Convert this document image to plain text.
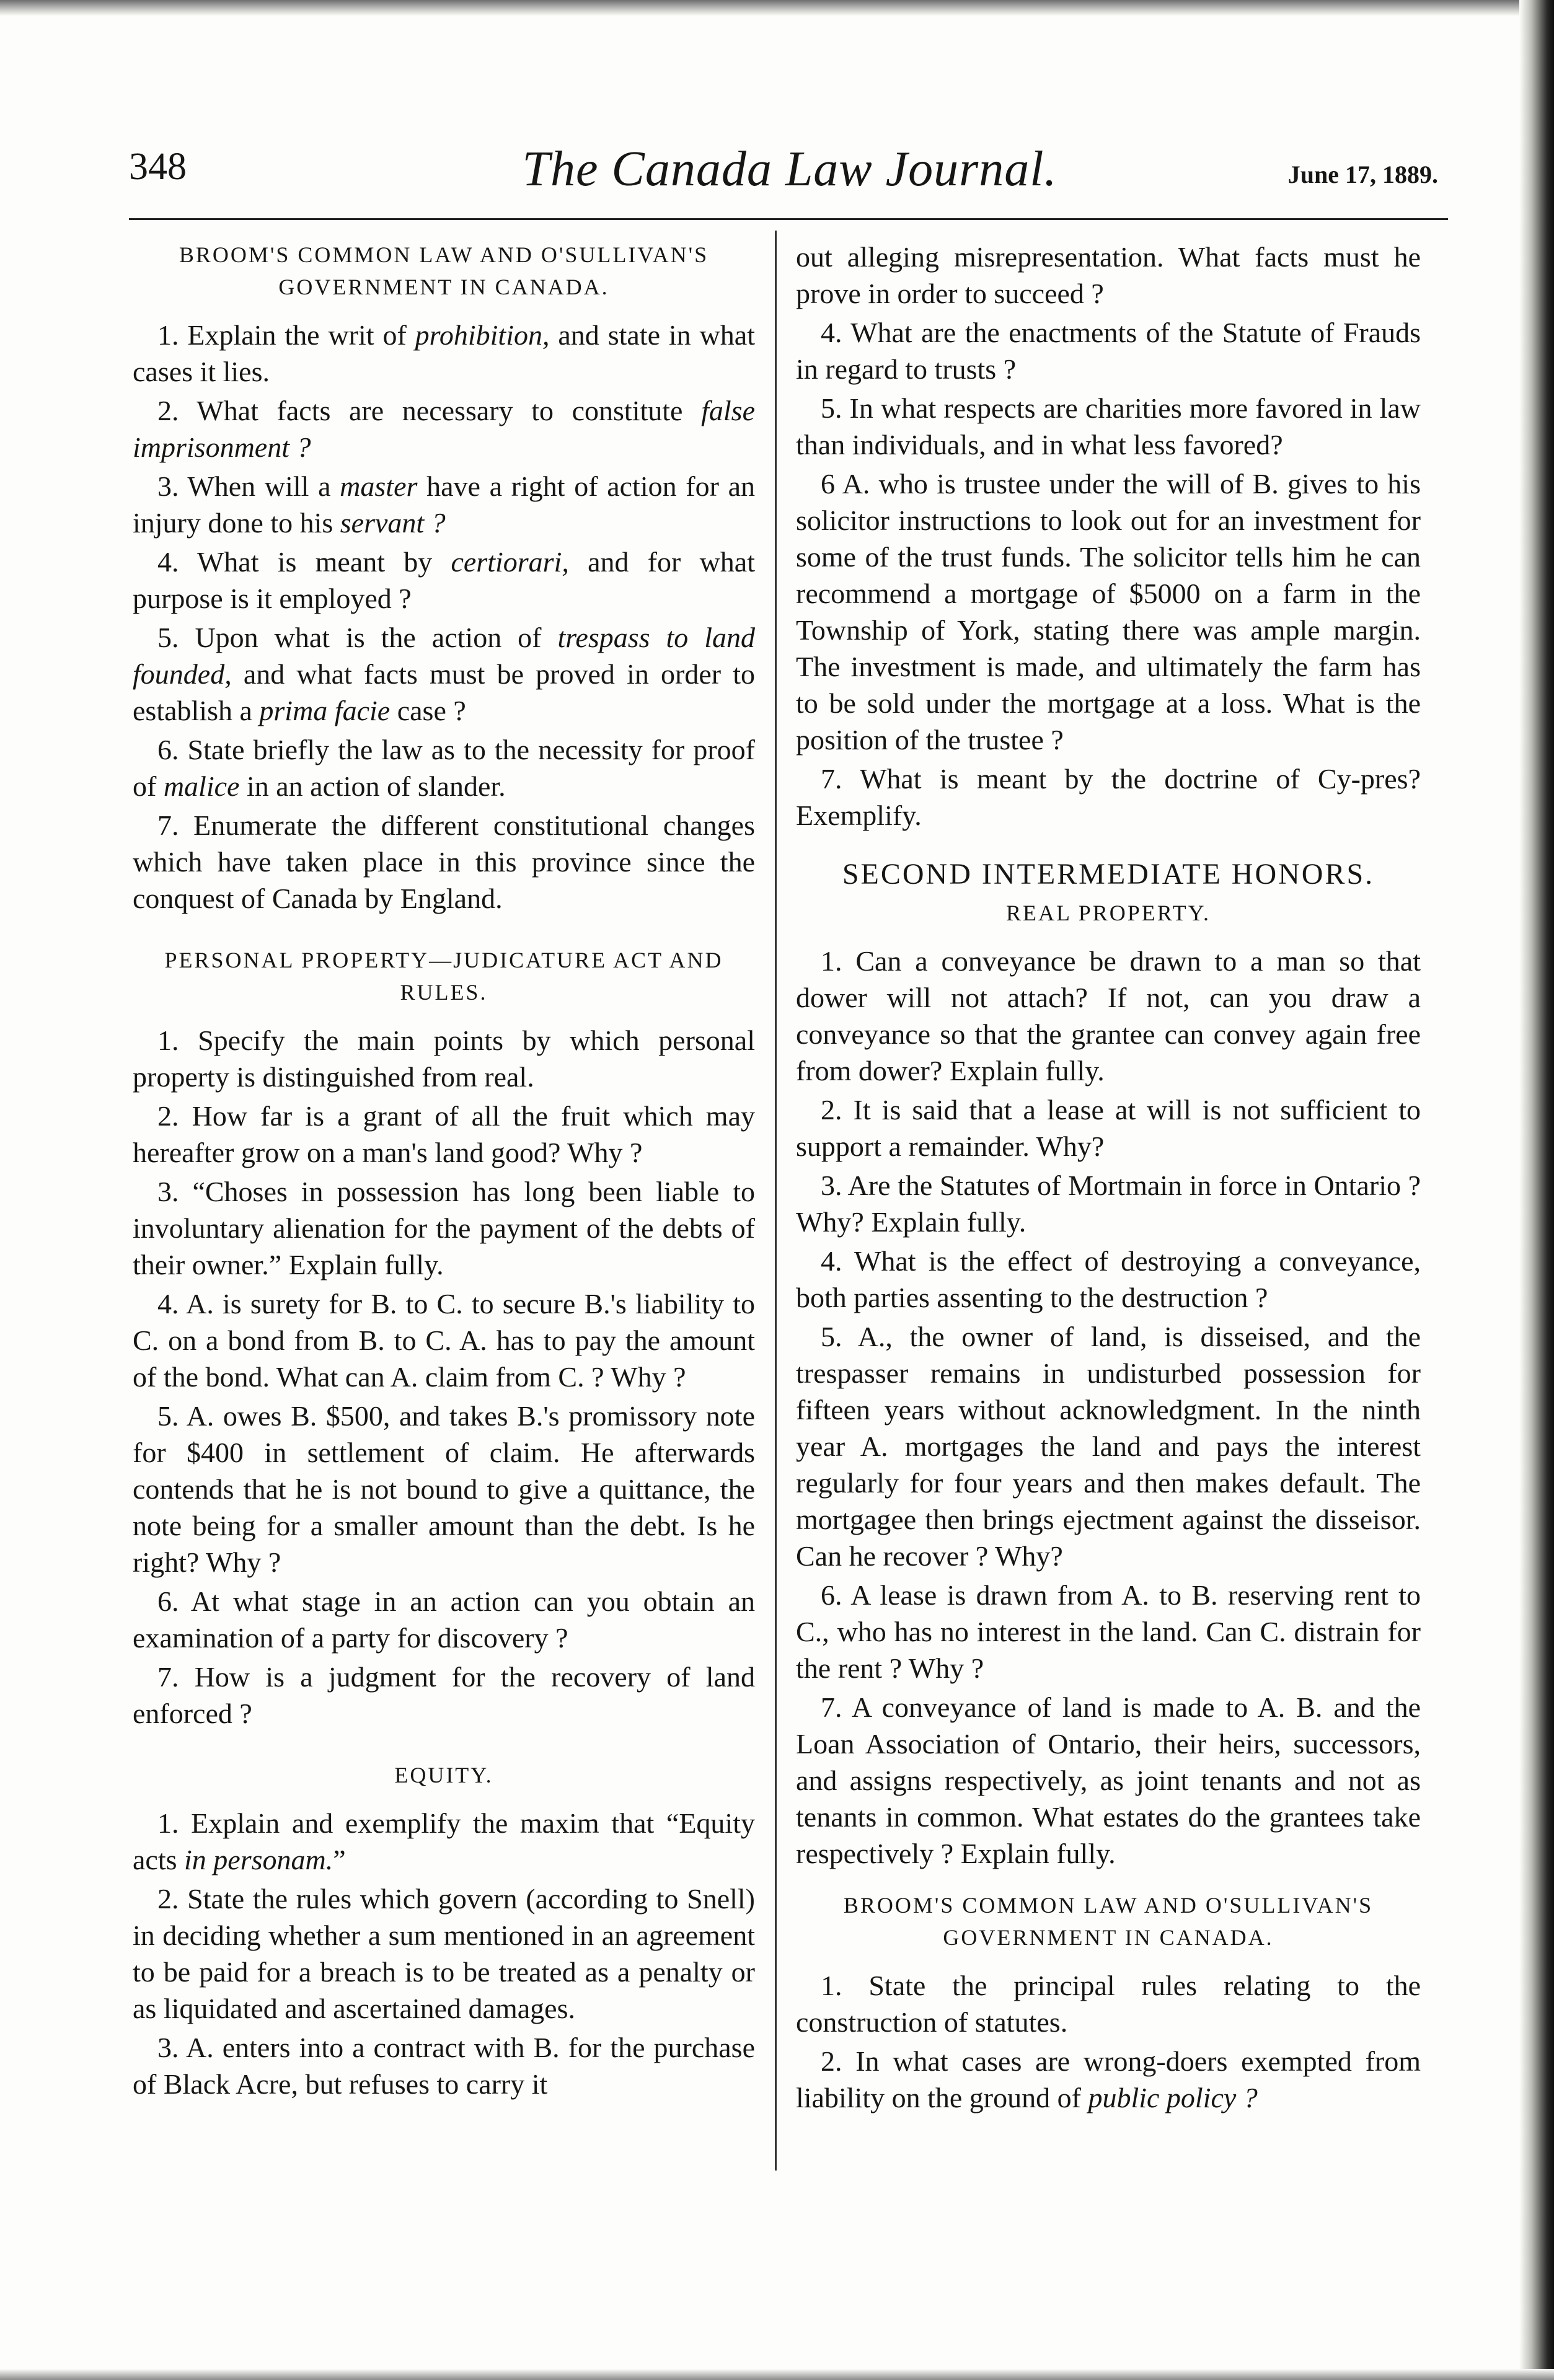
348	The Canada Law Journal.	June 17, 1889.
BROOM'S COMMON LAW AND O'SULLIVAN'S GOVERNMENT IN CANADA.

1. Explain the writ of prohibition, and state in what cases it lies.

2. What facts are necessary to constitute false imprisonment ?

3. When will a master have a right of action for an injury done to his servant ?

4. What is meant by certiorari, and for what purpose is it employed ?

5. Upon what is the action of trespass to land founded, and what facts must be proved in order to establish a prima facie case ?

6. State briefly the law as to the necessity for proof of malice in an action of slander.

7. Enumerate the different constitutional changes which have taken place in this province since the conquest of Canada by England.

PERSONAL PROPERTY—JUDICATURE ACT AND RULES.

1. Specify the main points by which personal property is distinguished from real.

2. How far is a grant of all the fruit which may hereafter grow on a man's land good? Why ?

3. “Choses in possession has long been liable to involuntary alienation for the payment of the debts of their owner.” Explain fully.

4. A. is surety for B. to C. to secure B.'s liability to C. on a bond from B. to C. A. has to pay the amount of the bond. What can A. claim from C. ? Why ?

5. A. owes B. $500, and takes B.'s promissory note for $400 in settlement of claim. He afterwards contends that he is not bound to give a quittance, the note being for a smaller amount than the debt. Is he right? Why ?

6. At what stage in an action can you obtain an examination of a party for discovery ?

7. How is a judgment for the recovery of land enforced ?

EQUITY.

1. Explain and exemplify the maxim that “Equity acts in personam.”

2. State the rules which govern (according to Snell) in deciding whether a sum mentioned in an agreement to be paid for a breach is to be treated as a penalty or as liquidated and ascertained damages.

3. A. enters into a contract with B. for the purchase of Black Acre, but refuses to carry it

out alleging misrepresentation. What facts must he prove in order to succeed ?

4. What are the enactments of the Statute of Frauds in regard to trusts ?

5. In what respects are charities more favored in law than individuals, and in what less favored?

6 A. who is trustee under the will of B. gives to his solicitor instructions to look out for an investment for some of the trust funds. The solicitor tells him he can recommend a mortgage of $5000 on a farm in the Township of York, stating there was ample margin. The investment is made, and ultimately the farm has to be sold under the mortgage at a loss. What is the position of the trustee ?

7. What is meant by the doctrine of Cy-pres? Exemplify.

SECOND INTERMEDIATE HONORS.
REAL PROPERTY.

1. Can a conveyance be drawn to a man so that dower will not attach? If not, can you draw a conveyance so that the grantee can convey again free from dower? Explain fully.

2. It is said that a lease at will is not sufficient to support a remainder. Why?

3. Are the Statutes of Mortmain in force in Ontario ? Why? Explain fully.

4. What is the effect of destroying a conveyance, both parties assenting to the destruction ?

5. A., the owner of land, is disseised, and the trespasser remains in undisturbed possession for fifteen years without acknowledgment. In the ninth year A. mortgages the land and pays the interest regularly for four years and then makes default. The mortgagee then brings ejectment against the disseisor. Can he recover ? Why?

6. A lease is drawn from A. to B. reserving rent to C., who has no interest in the land. Can C. distrain for the rent ? Why ?

7. A conveyance of land is made to A. B. and the Loan Association of Ontario, their heirs, successors, and assigns respectively, as joint tenants and not as tenants in common. What estates do the grantees take respectively ? Explain fully.

BROOM'S COMMON LAW AND O'SULLIVAN'S GOVERNMENT IN CANADA.

1. State the principal rules relating to the construction of statutes.

2. In what cases are wrong-doers exempted from liability on the ground of public policy ?
